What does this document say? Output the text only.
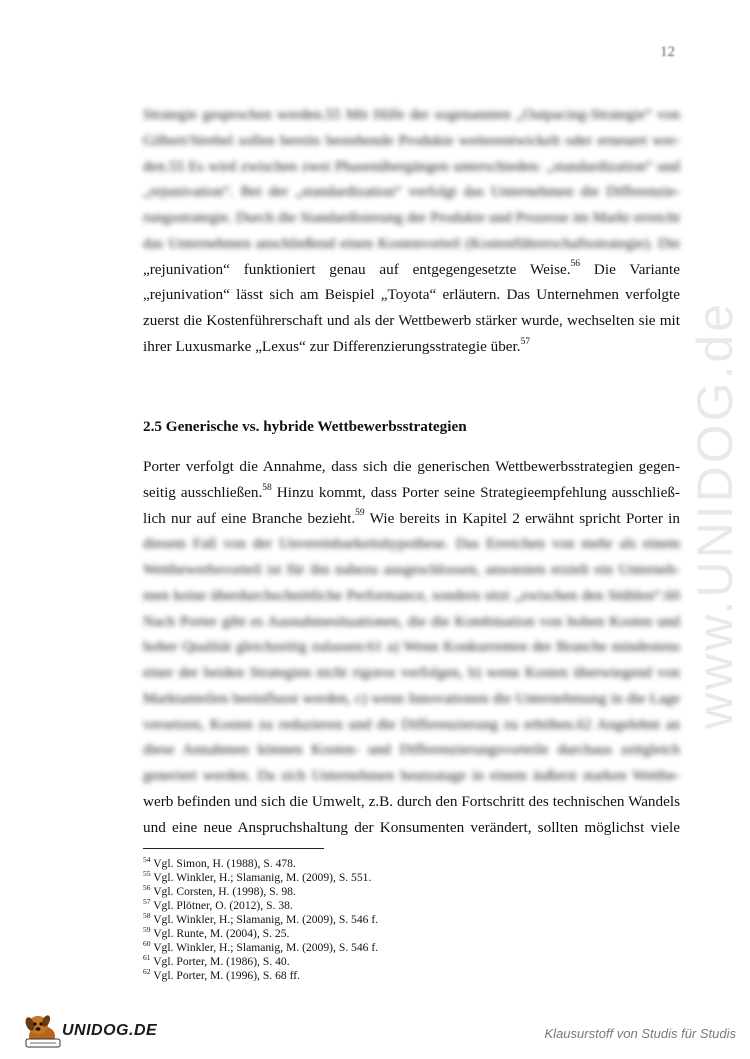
12
www.UNIDOG.de
Strategie gesprochen werden.55 Mit Hilfe der sogenannten „Outpacing-Strategie“ von
Gilbert/Strebel sollen bereits bestehende Produkte weiterentwickelt oder erneuert wer-
den.55 Es wird zwischen zwei Phasenübergängen unterschieden: „standardization“ und
„rejunivation“. Bei der „standardization“ verfolgt das Unternehmen die Differenzie-
rungsstrategie. Durch die Standardisierung der Produkte und Prozesse im Markt erreicht
das Unternehmen anschließend einen Kostenvorteil (Kostenführerschaftsstrategie). Die
„rejunivation“ funktioniert genau auf entgegengesetzte Weise.$^{56}$ Die Variante
„rejunivation“ lässt sich am Beispiel „Toyota“ erläutern. Das Unternehmen verfolgte
zuerst die Kostenführerschaft und als der Wettbewerb stärker wurde, wechselten sie mit
ihrer Luxusmarke „Lexus“ zur Differenzierungsstrategie über.$^{57}$
2.5 Generische vs. hybride Wettbewerbsstrategien
Porter verfolgt die Annahme, dass sich die generischen Wettbewerbsstrategien gegen-
seitig ausschließen.$^{58}$ Hinzu kommt, dass Porter seine Strategieempfehlung ausschließ-
lich nur auf eine Branche bezieht.$^{59}$ Wie bereits in Kapitel 2 erwähnt spricht Porter in
diesem Fall von der Unvereinbarkeitshypothese. Das Erreichen von mehr als einem
Wettbewerbsvorteil ist für ihn nahezu ausgeschlossen, ansonsten erzielt ein Unterneh-
men keine überdurchschnittliche Performance, sondern sitzt „zwischen den Stühlen“.60
Nach Porter gibt es Ausnahmesituationen, die die Kombination von hohen Kosten und
hoher Qualität gleichzeitig zulassen:61 a) Wenn Konkurrenten der Branche mindestens
einer der beiden Strategien nicht rigoros verfolgen, b) wenn Kosten überwiegend von
Marktanteilen beeinflusst werden, c) wenn Innovationen die Unternehmung in die Lage
versetzen, Kosten zu reduzieren und die Differenzierung zu erhöhen.62 Angelehnt an
diese Annahmen können Kosten- und Differenzierungsvorteile durchaus zeitgleich
generiert werden. Da sich Unternehmen heutzutage in einem äußerst starken Wettbe-
werb befinden und sich die Umwelt, z.B. durch den Fortschritt des technischen Wandels
und eine neue Anspruchshaltung der Konsumenten verändert, sollten möglichst viele
$^{54}$ Vgl. Simon, H. (1988), S. 478.
$^{55}$ Vgl. Winkler, H.; Slamanig, M. (2009), S. 551.
$^{56}$ Vgl. Corsten, H. (1998), S. 98.
$^{57}$ Vgl. Plötner, O. (2012), S. 38.
$^{58}$ Vgl. Winkler, H.; Slamanig, M. (2009), S. 546 f.
$^{59}$ Vgl. Runte, M. (2004), S. 25.
$^{60}$ Vgl. Winkler, H.; Slamanig, M. (2009), S. 546 f.
$^{61}$ Vgl. Porter, M. (1986), S. 40.
$^{62}$ Vgl. Porter, M. (1996), S. 68 ff.
UNIDOG.DE	Klausurstoff von Studis für Studis
